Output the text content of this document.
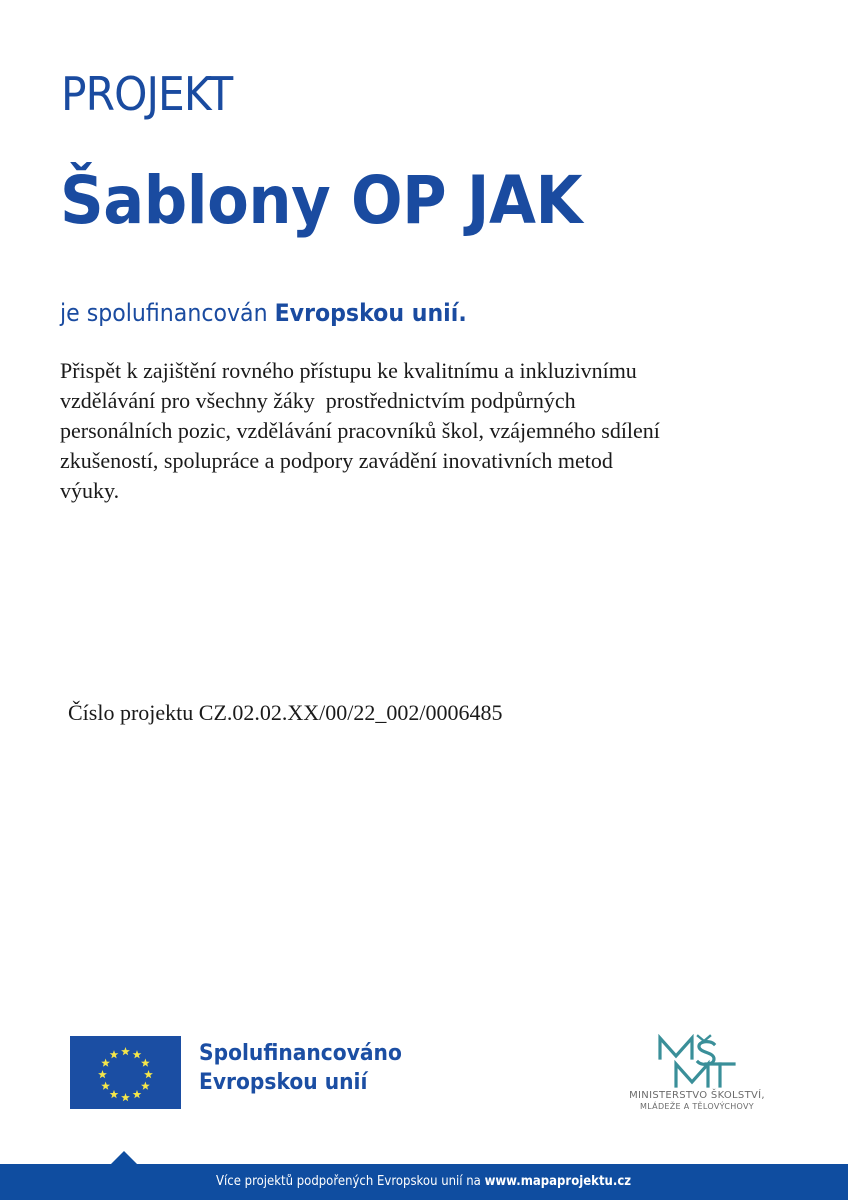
PROJEKT
Šablony OP JAK
je spolufinancován Evropskou unií.

Přispět k zajištění rovného přístupu ke kvalitnímu a inkluzivnímu

vzdělávání pro všechny žáky  prostřednictvím podpůrných

personálních pozic, vzdělávání pracovníků škol, vzájemného sdílení

zkušeností, spolupráce a podpory zavádění inovativních metod

výuky.

Číslo projektu CZ.02.02.XX/00/22_002/0006485
Spolufinancováno
Evropskou unií
MINISTERSTVO ŠKOLSTVÍ,
MLÁDEŽE A TĚLOVÝCHOVY
Více projektů podpořených Evropskou unií na www.mapaprojektu.cz
